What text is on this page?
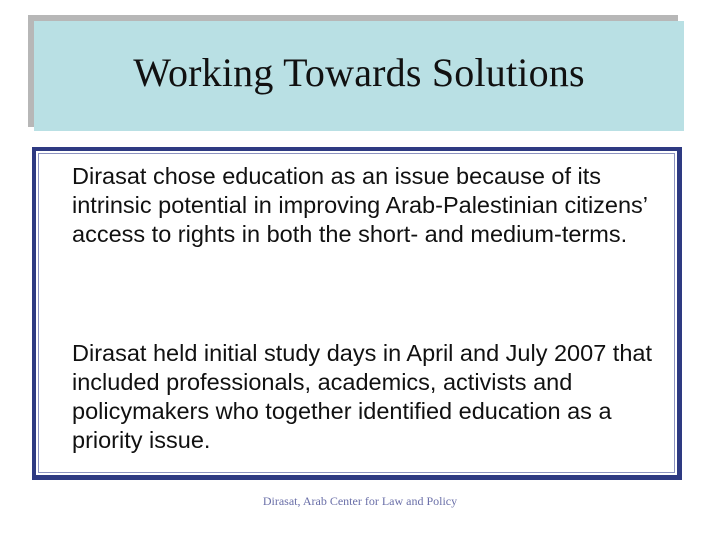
Working Towards Solutions

Dirasat chose education as an issue because of its intrinsic potential in improving Arab-Palestinian citizens’ access to rights in both the short- and medium-terms.

Dirasat held initial study days in April and July 2007 that included professionals, academics, activists and policymakers who together identified education as a priority issue.

Dirasat, Arab Center for Law and Policy
